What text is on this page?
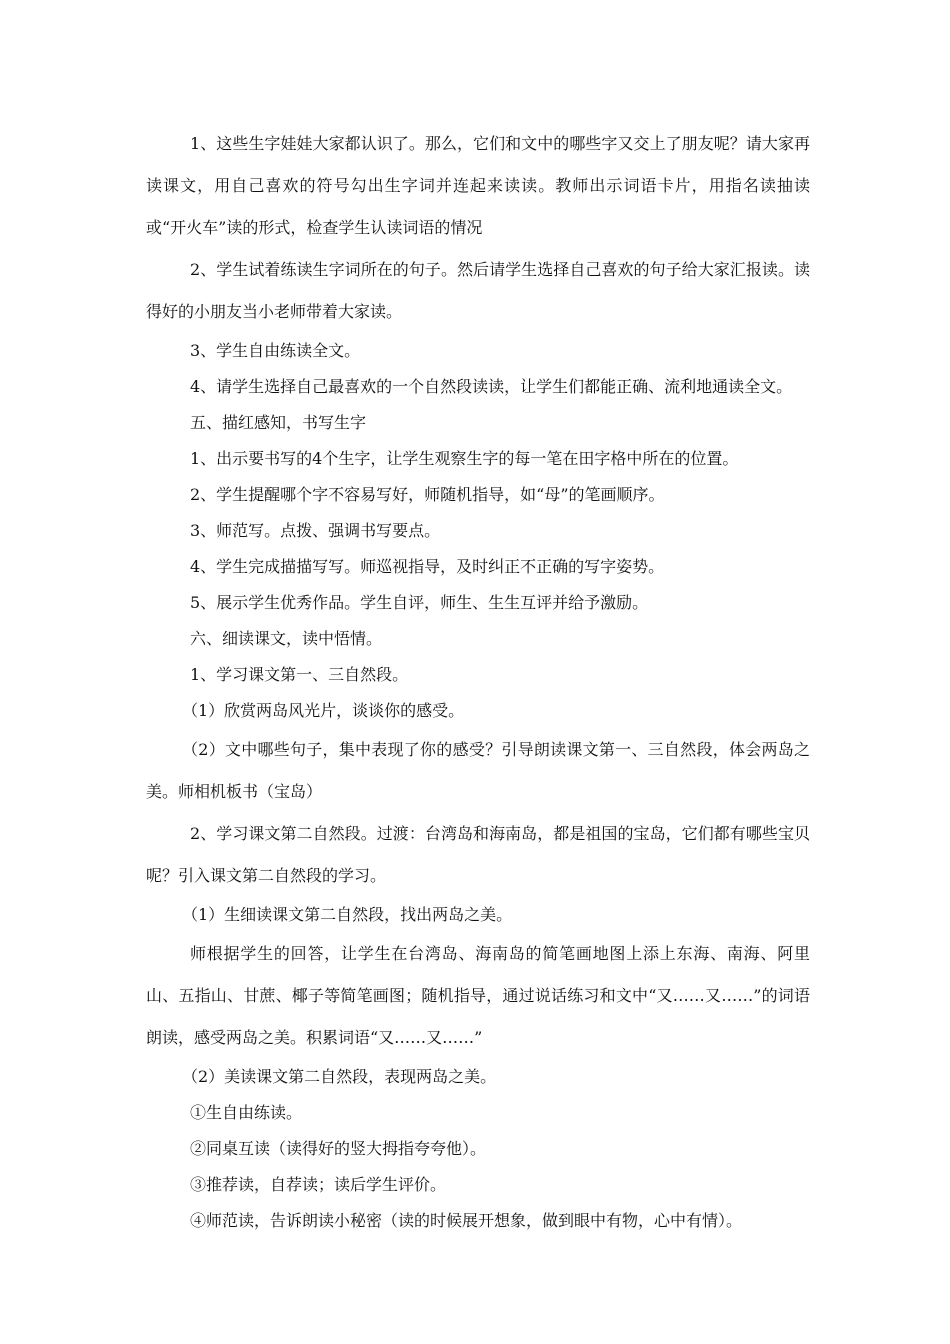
1、这些生字娃娃大家都认识了。那么，它们和文中的哪些字又交上了朋友呢？请大家再读课文，用自己喜欢的符号勾出生字词并连起来读读。教师出示词语卡片，用指名读抽读或“开火车”读的形式，检查学生认读词语的情况

2、学生试着练读生字词所在的句子。然后请学生选择自己喜欢的句子给大家汇报读。读得好的小朋友当小老师带着大家读。

3、学生自由练读全文。

4、请学生选择自己最喜欢的一个自然段读读，让学生们都能正确、流利地通读全文。

五、描红感知，书写生字

1、出示要书写的4个生字，让学生观察生字的每一笔在田字格中所在的位置。

2、学生提醒哪个字不容易写好，师随机指导，如“母”的笔画顺序。

3、师范写。点拨、强调书写要点。

4、学生完成描描写写。师巡视指导，及时纠正不正确的写字姿势。

5、展示学生优秀作品。学生自评，师生、生生互评并给予激励。

六、细读课文，读中悟情。

1、学习课文第一、三自然段。

（1）欣赏两岛风光片，谈谈你的感受。

（2）文中哪些句子，集中表现了你的感受？引导朗读课文第一、三自然段，体会两岛之美。师相机板书（宝岛）

2、学习课文第二自然段。过渡：台湾岛和海南岛，都是祖国的宝岛，它们都有哪些宝贝呢？引入课文第二自然段的学习。

（1）生细读课文第二自然段，找出两岛之美。

师根据学生的回答，让学生在台湾岛、海南岛的简笔画地图上添上东海、南海、阿里山、五指山、甘蔗、椰子等简笔画图；随机指导，通过说话练习和文中“又……又……”的词语朗读，感受两岛之美。积累词语“又……又……”

（2）美读课文第二自然段，表现两岛之美。

①生自由练读。

②同桌互读（读得好的竖大拇指夸夸他）。

③推荐读，自荐读；读后学生评价。

④师范读，告诉朗读小秘密（读的时候展开想象，做到眼中有物，心中有情）。
